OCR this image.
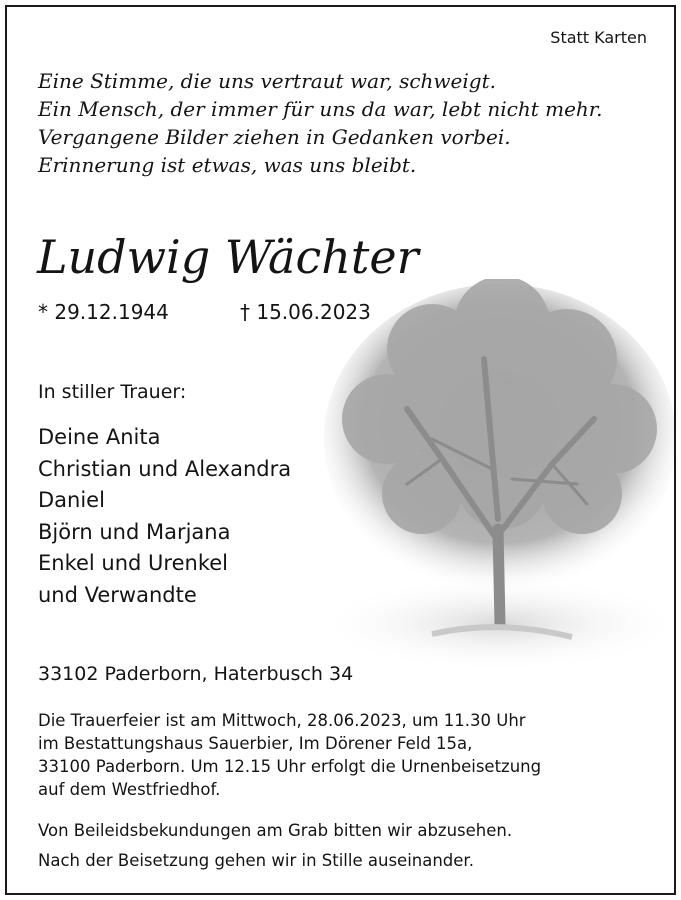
Statt Karten
Eine Stimme, die uns vertraut war, schweigt.
Ein Mensch, der immer für uns da war, lebt nicht mehr.
Vergangene Bilder ziehen in Gedanken vorbei.
Erinnerung ist etwas, was uns bleibt.
Ludwig Wächter
* 29.12.1944	† 15.06.2023
In stiller Trauer:
Deine Anita
Christian und Alexandra
Daniel
Björn und Marjana
Enkel und Urenkel
und Verwandte
33102 Paderborn, Haterbusch 34
Die Trauerfeier ist am Mittwoch, 28.06.2023, um 11.30 Uhr
im Bestattungshaus Sauerbier, Im Dörener Feld 15a,
33100 Paderborn. Um 12.15 Uhr erfolgt die Urnenbeisetzung
auf dem Westfriedhof.
Von Beileidsbekundungen am Grab bitten wir abzusehen.
Nach der Beisetzung gehen wir in Stille auseinander.
